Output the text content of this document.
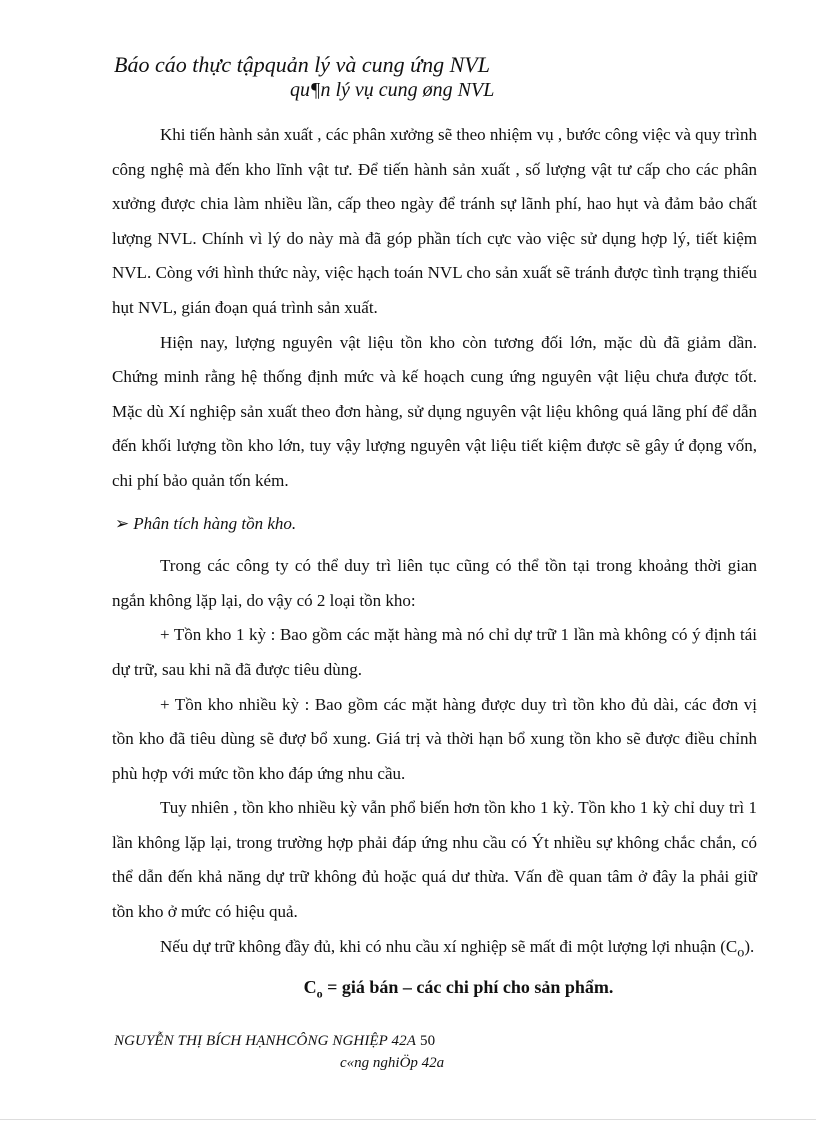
Báo cáo thực tậpquản lý và cung ứng NVL
qu¶n lý vụ cung øng NVL

Khi tiến hành sản xuất , các phân xưởng sẽ theo nhiệm vụ , bước công việc và quy trình công nghệ mà đến kho lĩnh vật tư. Để tiến hành sản xuất , số lượng vật tư cấp cho các phân xưởng được chia làm nhiều lần, cấp theo ngày để tránh sự lãnh phí, hao hụt và đảm bảo chất lượng NVL. Chính vì lý do này mà đã góp phần tích cực vào việc sử dụng hợp lý, tiết kiệm NVL. Còng với hình thức này, việc hạch toán NVL cho sản xuất sẽ tránh được tình trạng thiếu hụt NVL, gián đoạn quá trình sản xuất.

Hiện nay, lượng nguyên vật liệu tồn kho còn tương đối lớn, mặc dù đã giảm dần. Chứng minh rằng hệ thống định mức và kế hoạch cung ứng nguyên vật liệu chưa được tốt. Mặc dù Xí nghiệp sản xuất theo đơn hàng, sử dụng nguyên vật liệu không quá lãng phí để dẫn đến khối lượng tồn kho lớn, tuy vậy lượng nguyên vật liệu tiết kiệm được sẽ gây ứ đọng vốn, chi phí bảo quản tốn kém.

➢ Phân tích hàng tồn kho.

Trong các công ty có thể duy trì liên tục cũng có thể tồn tại trong khoảng thời gian ngắn không lặp lại, do vậy có 2 loại tồn kho:

+ Tồn kho 1 kỳ : Bao gồm các mặt hàng mà nó chỉ dự trữ 1 lần mà không có ý định tái dự trữ, sau khi nã đã được tiêu dùng.

+ Tồn kho nhiều kỳ : Bao gồm các mặt hàng được duy trì tồn kho đủ dài, các đơn vị tồn kho đã tiêu dùng sẽ đượ bổ xung. Giá trị và thời hạn bổ xung tồn kho sẽ được điều chỉnh phù hợp với mức tồn kho đáp ứng nhu cầu.

Tuy nhiên , tồn kho nhiều kỳ vẫn phổ biến hơn tồn kho 1 kỳ. Tồn kho 1 kỳ chỉ duy trì 1 lần không lặp lại, trong trường hợp phải đáp ứng nhu cầu có Ýt nhiều sự không chắc chắn, có thể dẫn đến khả năng dự trữ không đủ hoặc quá dư thừa. Vấn đề quan tâm ở đây la phải giữ tồn kho ở mức có hiệu quả.

Nếu dự trữ không đầy đủ, khi có nhu cầu xí nghiệp sẽ mất đi một lượng lợi nhuận $(C_o)$.

$C_o$ = giá bán – các chi phí cho sản phẩm.

NGUYỄN THỊ BÍCH HẠNHCÔNG NGHIỆP 42A 50
c«ng nghiÖp 42a
